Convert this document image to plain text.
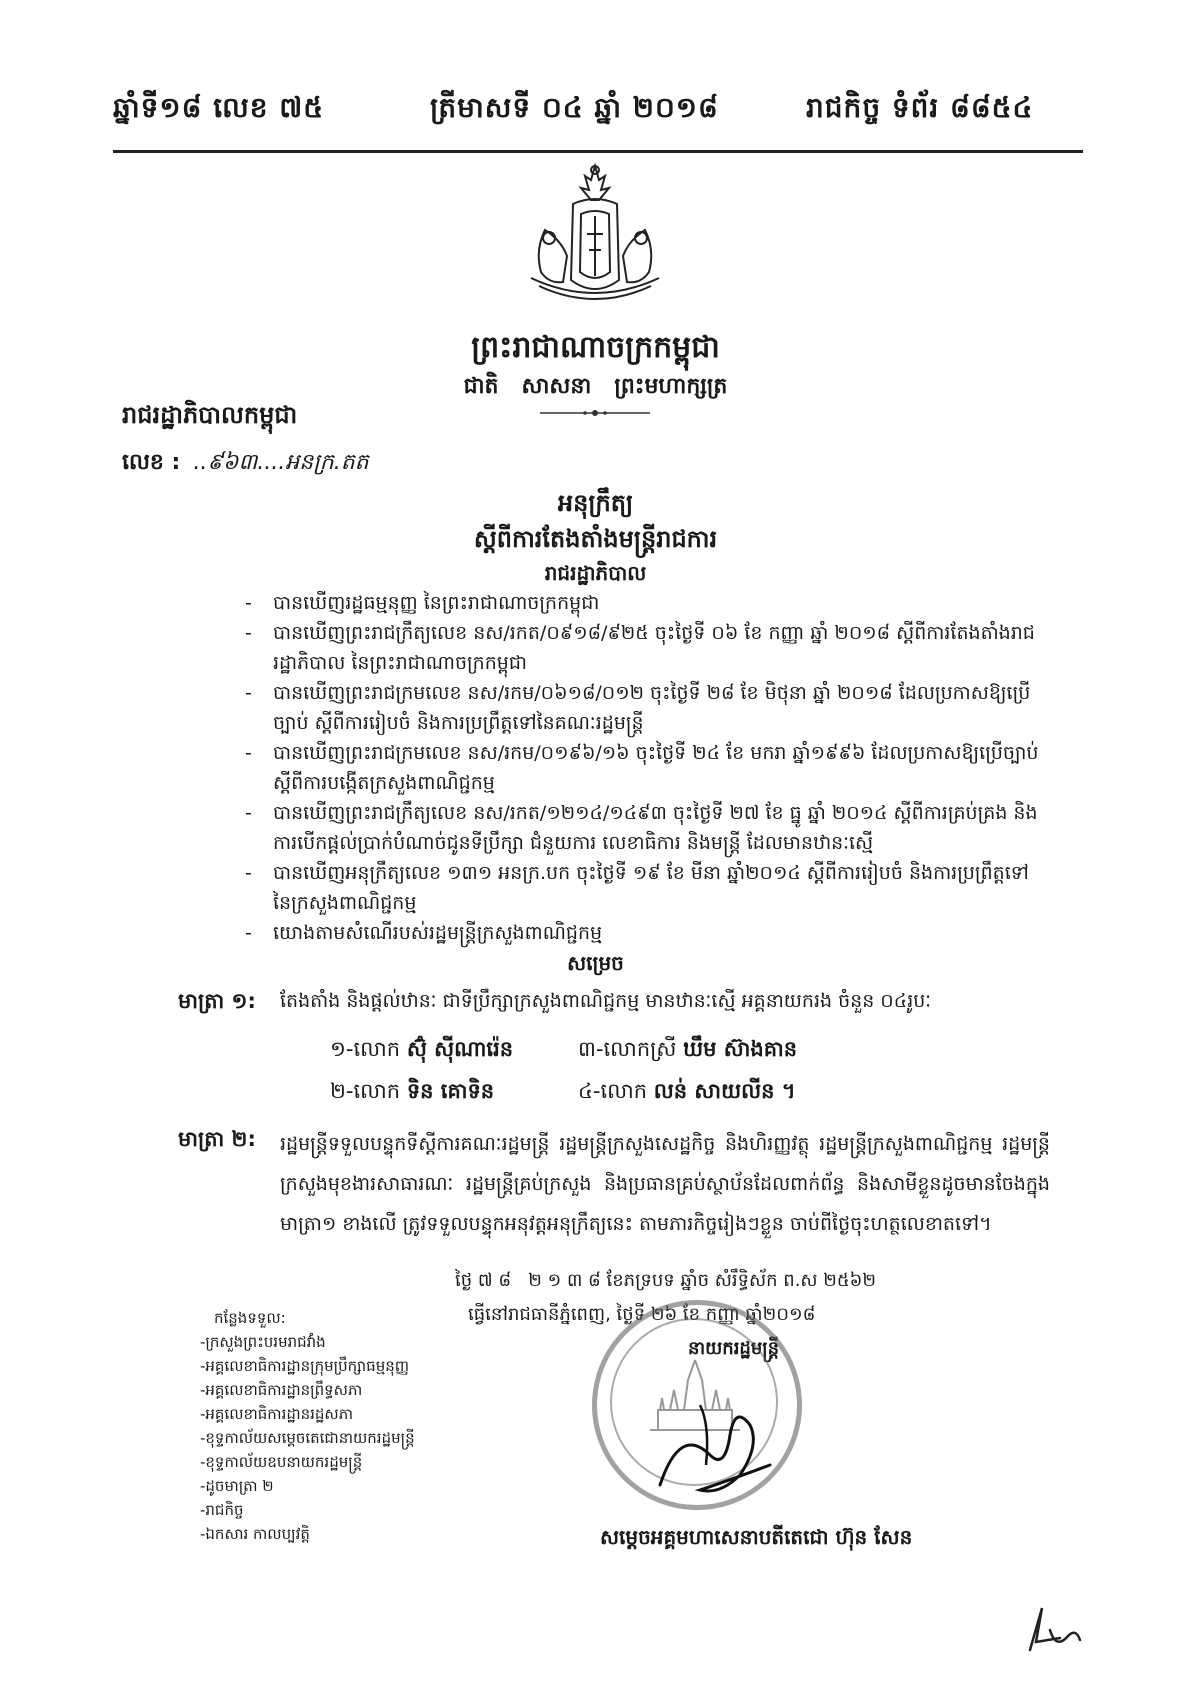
ឆ្នាំទី១៨ លេខ ៧៥	ត្រីមាសទី ០៤ ឆ្នាំ ២០១៨	រាជកិច្ច ទំព័រ ៨៨៥៤
ព្រះរាជាណាចក្រកម្ពុជា
ជាតិ   សាសនា   ព្រះមហាក្សត្រ
រាជរដ្ឋាភិបាលកម្ពុជា
លេខ : ..៩៦៣....អនក្រ.តត
អនុក្រឹត្យ
ស្តីពីការតែងតាំងមន្ត្រីរាជការ
រាជរដ្ឋាភិបាល
- បានឃើញរដ្ឋធម្មនុញ្ញ នៃព្រះរាជាណាចក្រកម្ពុជា
- បានឃើញព្រះរាជក្រឹត្យលេខ នស/រកត/០៩១៨/៩២៥ ចុះថ្ងៃទី ០៦ ខែ កញ្ញា ឆ្នាំ ២០១៨ ស្តីពីការតែងតាំងរាជរដ្ឋាភិបាល នៃព្រះរាជាណាចក្រកម្ពុជា
- បានឃើញព្រះរាជក្រមលេខ នស/រកម/០៦១៨/០១២ ចុះថ្ងៃទី ២៨ ខែ មិថុនា ឆ្នាំ ២០១៨ ដែលប្រកាសឱ្យប្រើច្បាប់ ស្តីពីការរៀបចំ និងការប្រព្រឹត្តទៅនៃគណៈរដ្ឋមន្ត្រី
- បានឃើញព្រះរាជក្រមលេខ នស/រកម/០១៩៦/១៦ ចុះថ្ងៃទី ២៤ ខែ មករា ឆ្នាំ១៩៩៦ ដែលប្រកាសឱ្យប្រើច្បាប់ ស្តីពីការបង្កើតក្រសួងពាណិជ្ជកម្ម
- បានឃើញព្រះរាជក្រឹត្យលេខ នស/រកត/១២១៤/១៤៩៣ ចុះថ្ងៃទី ២៧ ខែ ធ្នូ ឆ្នាំ ២០១៤ ស្តីពីការគ្រប់គ្រង និងការបើកផ្តល់ប្រាក់បំណាច់ជូនទីប្រឹក្សា ជំនួយការ លេខាធិការ និងមន្ត្រី ដែលមានឋានៈស្មើ
- បានឃើញអនុក្រឹត្យលេខ ១៣១ អនក្រ.បក ចុះថ្ងៃទី ១៩ ខែ មីនា ឆ្នាំ២០១៤ ស្តីពីការរៀបចំ និងការប្រព្រឹត្តទៅនៃក្រសួងពាណិជ្ជកម្ម
- យោងតាមសំណើរបស់រដ្ឋមន្ត្រីក្រសួងពាណិជ្ជកម្ម
សម្រេច
មាត្រា ១: តែងតាំង និងផ្តល់ឋានៈ ជាទីប្រឹក្សាក្រសួងពាណិជ្ជកម្ម មានឋានៈស្មើ អគ្គនាយករង ចំនួន ០៤រូបៈ
១-លោក ស៊ុំ ស៊ីណារ៉េន	៣-លោកស្រី ឃឹម ស៊ាងគាន
២-លោក ទិន គោទិន	៤-លោក លន់ សាយលីន ។
មាត្រា ២: រដ្ឋមន្ត្រីទទួលបន្ទុកទីស្តីការគណៈរដ្ឋមន្ត្រី រដ្ឋមន្ត្រីក្រសួងសេដ្ឋកិច្ច និងហិរញ្ញវត្ថុ រដ្ឋមន្ត្រីក្រសួងពាណិជ្ជកម្ម រដ្ឋមន្ត្រីក្រសួងមុខងារសាធារណៈ រដ្ឋមន្ត្រីគ្រប់ក្រសួង និងប្រធានគ្រប់ស្ថាប័នដែលពាក់ព័ន្ធ និងសាមីខ្លួនដូចមានចែងក្នុងមាត្រា១ ខាងលើ ត្រូវទទួលបន្ទុកអនុវត្តអនុក្រឹត្យនេះ តាមភារកិច្ចរៀងៗខ្លួន ចាប់ពីថ្ងៃចុះហត្ថលេខាតទៅ។
ថ្ងៃ ៧ ៨   ២ ១ ៣ ៨ ខែភទ្របទ ឆ្នាំច សំរឹទ្ធិស័ក ព.ស ២៥៦២
ធ្វើនៅរាជធានីភ្នំពេញ, ថ្ងៃទី ២៦ ខែ កញ្ញា ឆ្នាំ២០១៨
នាយករដ្ឋមន្ត្រី
កន្លែងទទួល:
-ក្រសួងព្រះបរមរាជវាំង
-អគ្គលេខាធិការដ្ឋានក្រុមប្រឹក្សាធម្មនុញ្ញ
-អគ្គលេខាធិការដ្ឋានព្រឹទ្ធសភា
-អគ្គលេខាធិការដ្ឋានរដ្ឋសភា
-ខុទ្ទកាល័យសម្តេចតេជោនាយករដ្ឋមន្ត្រី
-ខុទ្ទកាល័យឧបនាយករដ្ឋមន្ត្រី
-ដូចមាត្រា ២
-រាជកិច្ច
-ឯកសារ កាលប្បវត្តិ	សម្តេចអគ្គមហាសេនាបតីតេជោ ហ៊ុន សែន
